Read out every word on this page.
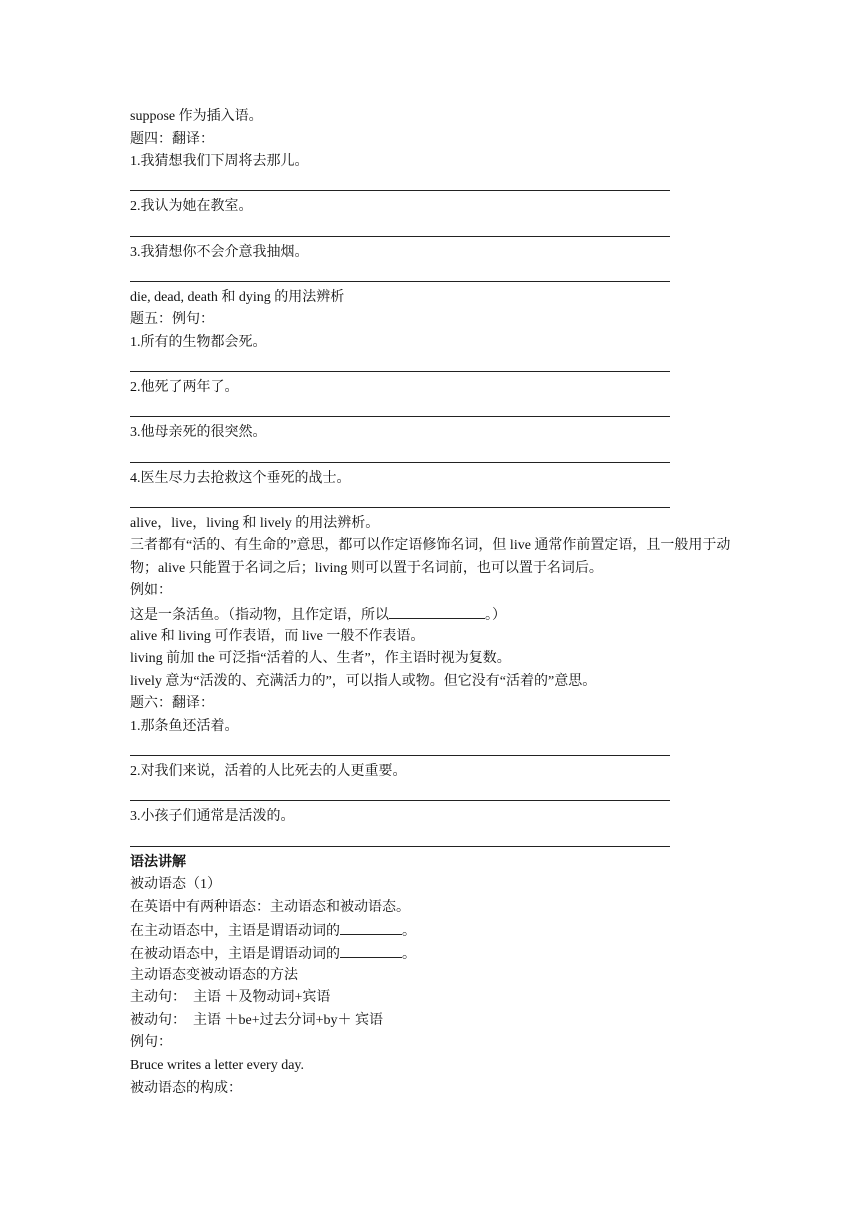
suppose 作为插入语。
题四：翻译：
1.我猜想我们下周将去那儿。
2.我认为她在教室。
3.我猜想你不会介意我抽烟。
die, dead, death 和 dying 的用法辨析
题五：例句：
1.所有的生物都会死。
2.他死了两年了。
3.他母亲死的很突然。
4.医生尽力去抢救这个垂死的战士。
alive，live，living 和 lively 的用法辨析。
三者都有“活的、有生命的”意思，都可以作定语修饰名词，但 live 通常作前置定语，且一般用于动物；alive 只能置于名词之后；living 则可以置于名词前，也可以置于名词后。
例如：
这是一条活鱼。（指动物，且作定语，所以	。）
alive 和 living 可作表语，而 live 一般不作表语。
living 前加 the 可泛指“活着的人、生者”，作主语时视为复数。
lively 意为“活泼的、充满活力的”，可以指人或物。但它没有“活着的”意思。
题六：翻译：
1.那条鱼还活着。
2.对我们来说，活着的人比死去的人更重要。
3.小孩子们通常是活泼的。
语法讲解
被动语态（1）
在英语中有两种语态：主动语态和被动语态。
在主动语态中，主语是谓语动词的	。
在被动语态中，主语是谓语动词的	。
主动语态变被动语态的方法
主动句：　主语 ＋及物动词+宾语
被动句：　主语 ＋be+过去分词+by＋ 宾语
例句：
Bruce writes a letter every day.
被动语态的构成：
